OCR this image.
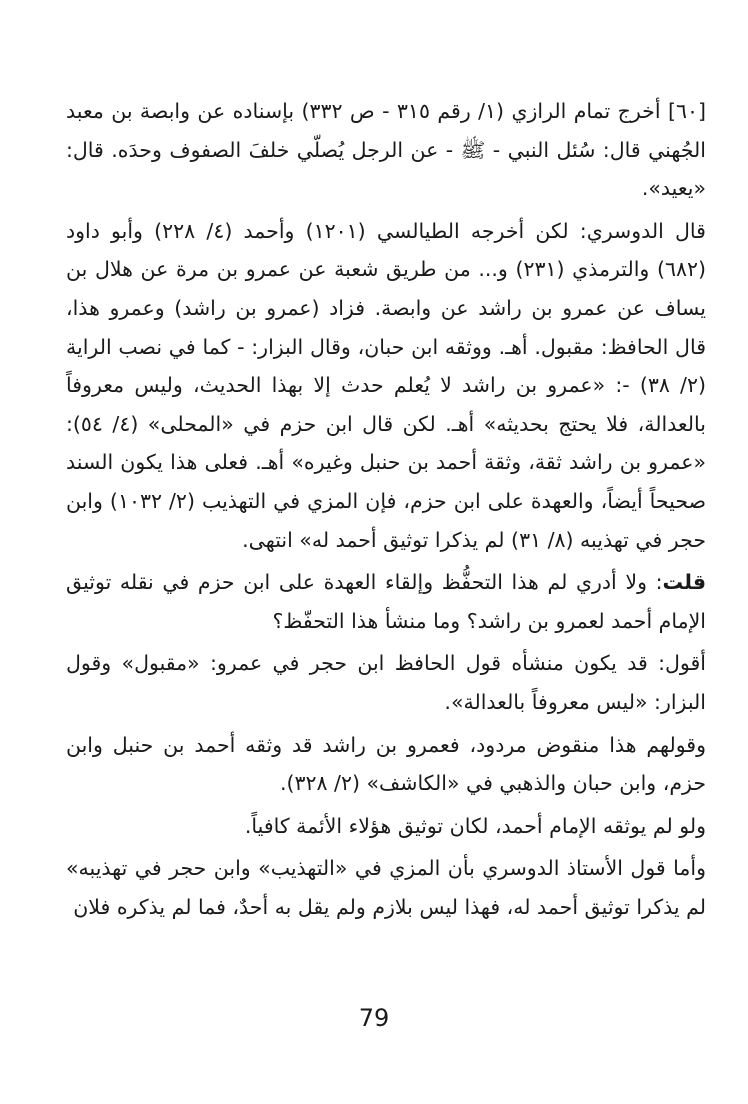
[٦٠] أخرج تمام الرازي (١/ رقم ٣١٥ - ص ٣٣٢) بإسناده عن وابصة بن معبد الجُهني قال: سُئل النبي - ﷺ - عن الرجل يُصلّي خلفَ الصفوف وحدَه. قال: «يعيد».

قال الدوسري: لكن أخرجه الطيالسي (١٢٠١) وأحمد (٤/ ٢٢٨) وأبو داود (٦٨٢) والترمذي (٢٣١) و... من طريق شعبة عن عمرو بن مرة عن هلال بن يساف عن عمرو بن راشد عن وابصة. فزاد (عمرو بن راشد) وعمرو هذا، قال الحافظ: مقبول. أهـ. ووثقه ابن حبان، وقال البزار: - كما في نصب الراية (٢/ ٣٨) -: «عمرو بن راشد لا يُعلم حدث إلا بهذا الحديث، وليس معروفاً بالعدالة، فلا يحتج بحديثه» أهـ. لكن قال ابن حزم في «المحلى» (٤/ ٥٤): «عمرو بن راشد ثقة، وثقة أحمد بن حنبل وغيره» أهـ. فعلى هذا يكون السند صحيحاً أيضاً، والعهدة على ابن حزم، فإن المزي في التهذيب (٢/ ١٠٣٢) وابن حجر في تهذيبه (٨/ ٣١) لم يذكرا توثيق أحمد له» انتهى.

قلت: ولا أدري لم هذا التحفُّظ وإلقاء العهدة على ابن حزم في نقله توثيق الإمام أحمد لعمرو بن راشد؟ وما منشأ هذا التحفّظ؟

أقول: قد يكون منشأه قول الحافظ ابن حجر في عمرو: «مقبول» وقول البزار: «ليس معروفاً بالعدالة».

وقولهم هذا منقوض مردود، فعمرو بن راشد قد وثقه أحمد بن حنبل وابن حزم، وابن حبان والذهبي في «الكاشف» (٢/ ٣٢٨).

ولو لم يوثقه الإمام أحمد، لكان توثيق هؤلاء الأئمة كافياً.

وأما قول الأستاذ الدوسري بأن المزي في «التهذيب» وابن حجر في تهذيبه» لم يذكرا توثيق أحمد له، فهذا ليس بلازم ولم يقل به أحدٌ، فما لم يذكره فلان

79
